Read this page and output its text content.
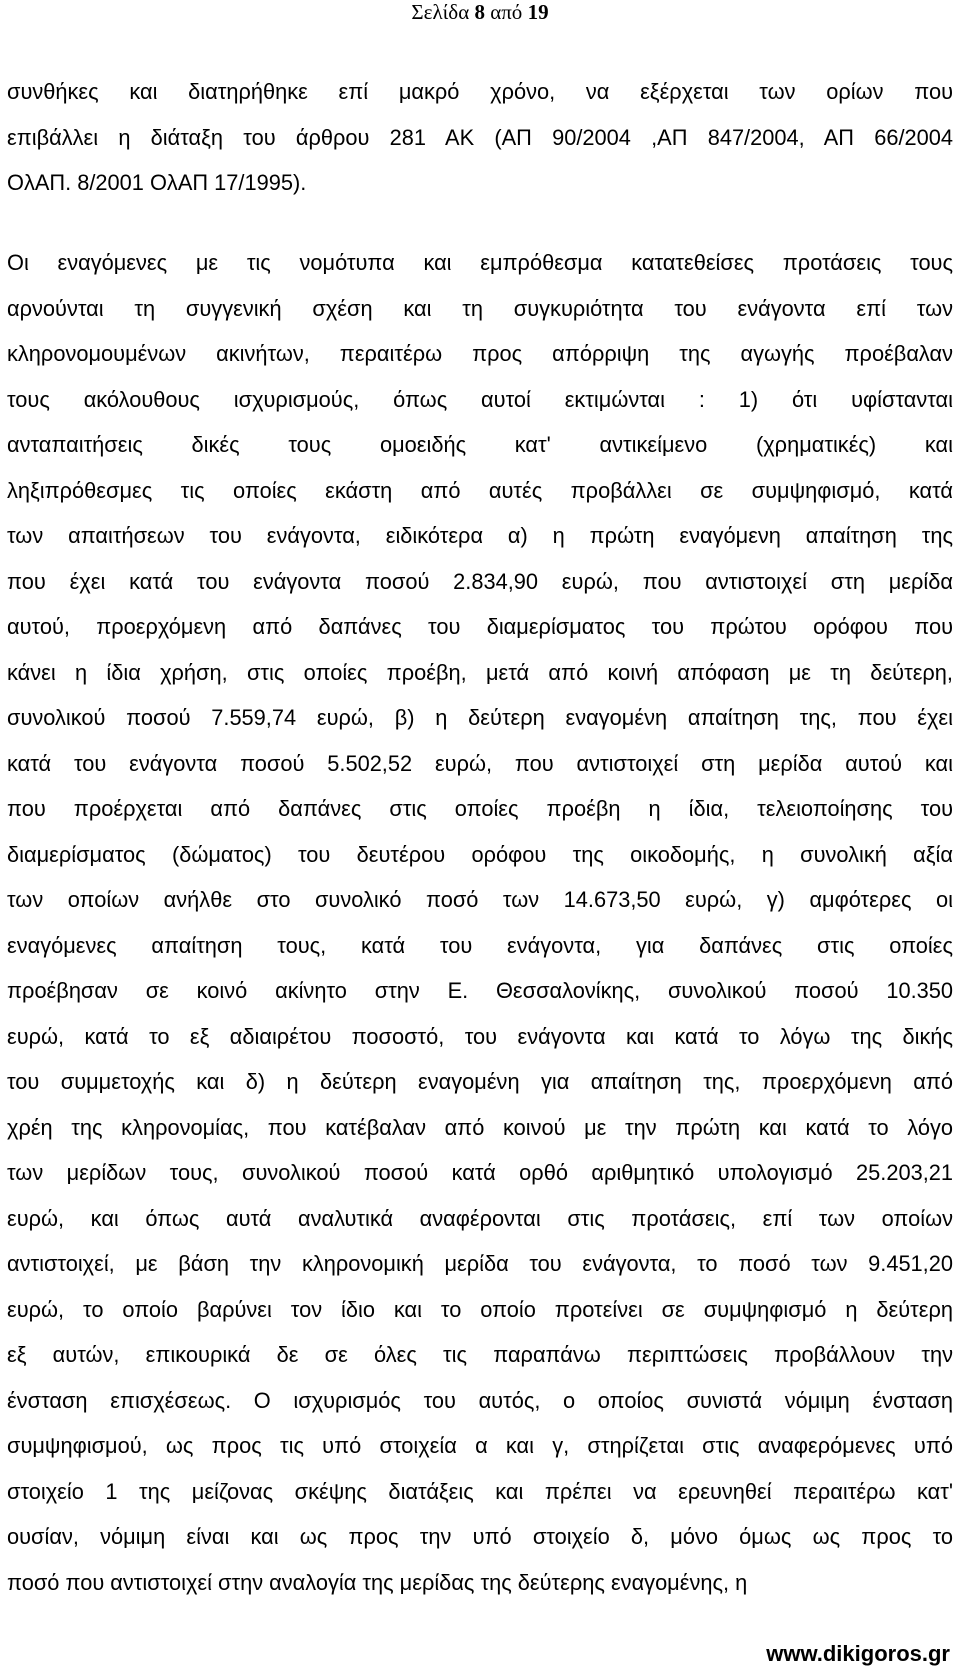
Σελίδα 8 από 19
συνθήκες και διατηρήθηκε επί μακρό χρόνο, να εξέρχεται των ορίων που
επιβάλλει η διάταξη του άρθρου 281 ΑΚ (ΑΠ 90/2004 ,ΑΠ 847/2004, ΑΠ 66/2004
ΟλΑΠ. 8/2001 ΟλΑΠ 17/1995).
Οι εναγόμενες με τις νομότυπα και εμπρόθεσμα κατατεθείσες προτάσεις τους
αρνούνται τη συγγενική σχέση και τη συγκυριότητα του ενάγοντα επί των
κληρονομουμένων ακινήτων, περαιτέρω προς απόρριψη της αγωγής προέβαλαν
τους ακόλουθους ισχυρισμούς, όπως αυτοί εκτιμώνται : 1) ότι υφίστανται
ανταπαιτήσεις δικές τους ομοειδής κατ' αντικείμενο (χρηματικές) και
ληξιπρόθεσμες τις οποίες εκάστη από αυτές προβάλλει σε συμψηφισμό, κατά
των απαιτήσεων του ενάγοντα, ειδικότερα α) η πρώτη εναγόμενη απαίτηση της
που έχει κατά του ενάγοντα ποσού 2.834,90 ευρώ, που αντιστοιχεί στη μερίδα
αυτού, προερχόμενη από δαπάνες του διαμερίσματος του πρώτου ορόφου που
κάνει η ίδια χρήση, στις οποίες προέβη, μετά από κοινή απόφαση με τη δεύτερη,
συνολικού ποσού 7.559,74 ευρώ, β) η δεύτερη εναγομένη απαίτηση της, που έχει
κατά του ενάγοντα ποσού 5.502,52 ευρώ, που αντιστοιχεί στη μερίδα αυτού και
που προέρχεται από δαπάνες στις οποίες προέβη η ίδια, τελειοποίησης του
διαμερίσματος (δώματος) του δευτέρου ορόφου της οικοδομής, η συνολική αξία
των οποίων ανήλθε στο συνολικό ποσό των 14.673,50 ευρώ, γ) αμφότερες οι
εναγόμενες απαίτηση τους, κατά του ενάγοντα, για δαπάνες στις οποίες
προέβησαν σε κοινό ακίνητο στην Ε. Θεσσαλονίκης, συνολικού ποσού 10.350
ευρώ, κατά το εξ αδιαιρέτου ποσοστό, του ενάγοντα και κατά το λόγω της δικής
του συμμετοχής και δ) η δεύτερη εναγομένη για απαίτηση της, προερχόμενη από
χρέη της κληρονομίας, που κατέβαλαν από κοινού με την πρώτη και κατά το λόγο
των μερίδων τους, συνολικού ποσού κατά ορθό αριθμητικό υπολογισμό 25.203,21
ευρώ, και όπως αυτά αναλυτικά αναφέρονται στις προτάσεις, επί των οποίων
αντιστοιχεί, με βάση την κληρονομική μερίδα του ενάγοντα, το ποσό των 9.451,20
ευρώ, το οποίο βαρύνει τον ίδιο και το οποίο προτείνει σε συμψηφισμό η δεύτερη
εξ αυτών, επικουρικά δε σε όλες τις παραπάνω περιπτώσεις προβάλλουν την
ένσταση επισχέσεως. Ο ισχυρισμός του αυτός, ο οποίος συνιστά νόμιμη ένσταση
συμψηφισμού, ως προς τις υπό στοιχεία α και γ, στηρίζεται στις αναφερόμενες υπό
στοιχείο 1 της μείζονας σκέψης διατάξεις και πρέπει να ερευνηθεί περαιτέρω κατ'
ουσίαν, νόμιμη είναι και ως προς την υπό στοιχείο δ, μόνο όμως ως προς το
ποσό που αντιστοιχεί στην αναλογία της μερίδας της δεύτερης εναγομένης, η
www.dikigoros.gr
